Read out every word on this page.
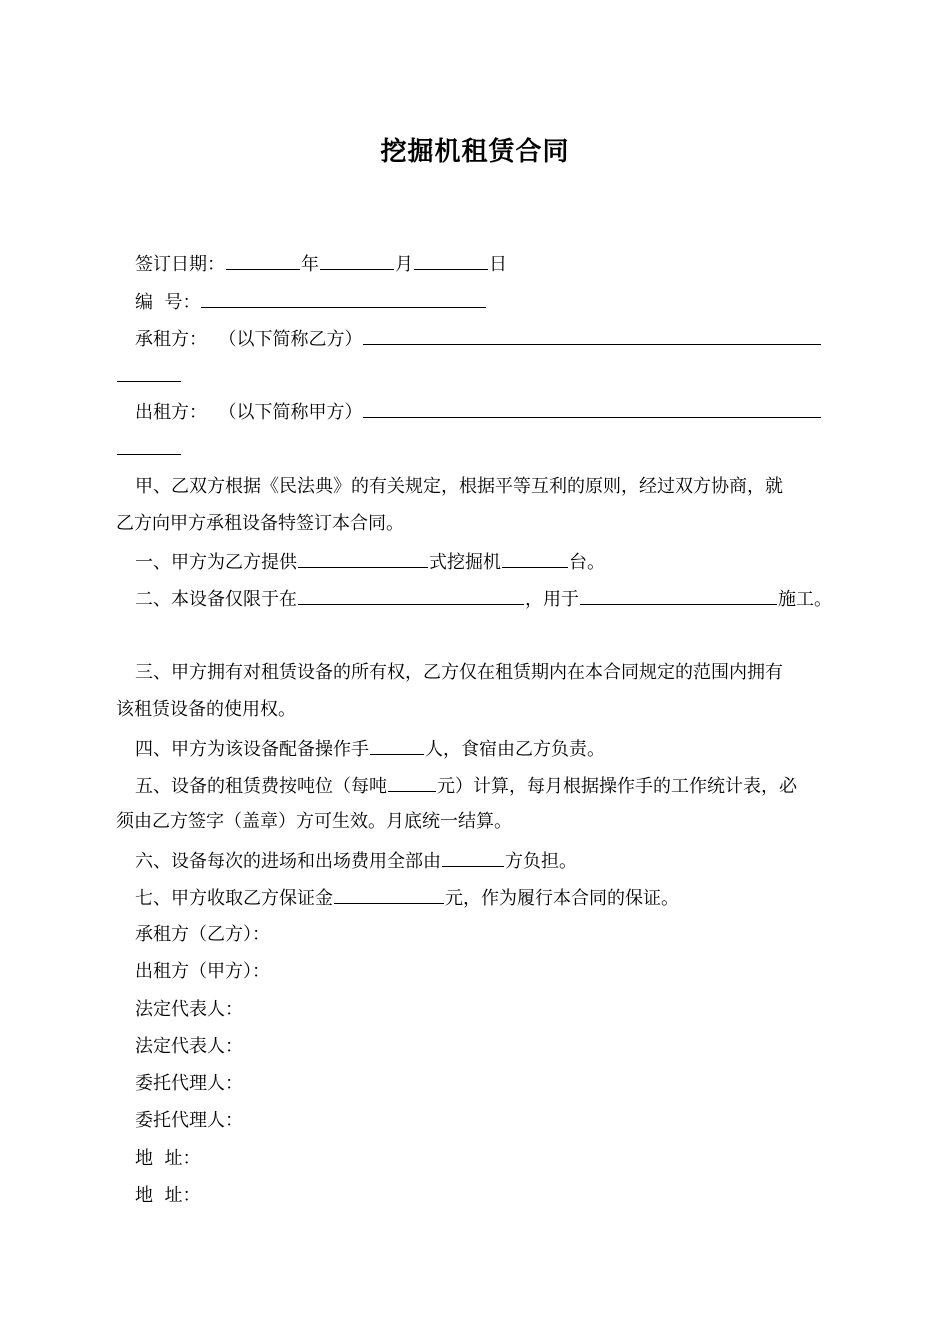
挖掘机租赁合同
签订日期：	年	月	日
编  号：
承租方：  （以下简称乙方）
出租方：  （以下简称甲方）
甲、乙双方根据《民法典》的有关规定，根据平等互利的原则，经过双方协商，就
乙方向甲方承租设备特签订本合同。
一、甲方为乙方提供	式挖掘机	台。
二、本设备仅限于在	，用于	施工。
三、甲方拥有对租赁设备的所有权，乙方仅在租赁期内在本合同规定的范围内拥有
该租赁设备的使用权。
四、甲方为该设备配备操作手	人，食宿由乙方负责。
五、设备的租赁费按吨位（每吨	元）计算，每月根据操作手的工作统计表，必
须由乙方签字（盖章）方可生效。月底统一结算。
六、设备每次的进场和出场费用全部由	方负担。
七、甲方收取乙方保证金	元，作为履行本合同的保证。
承租方（乙方）：
出租方（甲方）：
法定代表人：
法定代表人：
委托代理人：
委托代理人：
地  址：
地  址：
